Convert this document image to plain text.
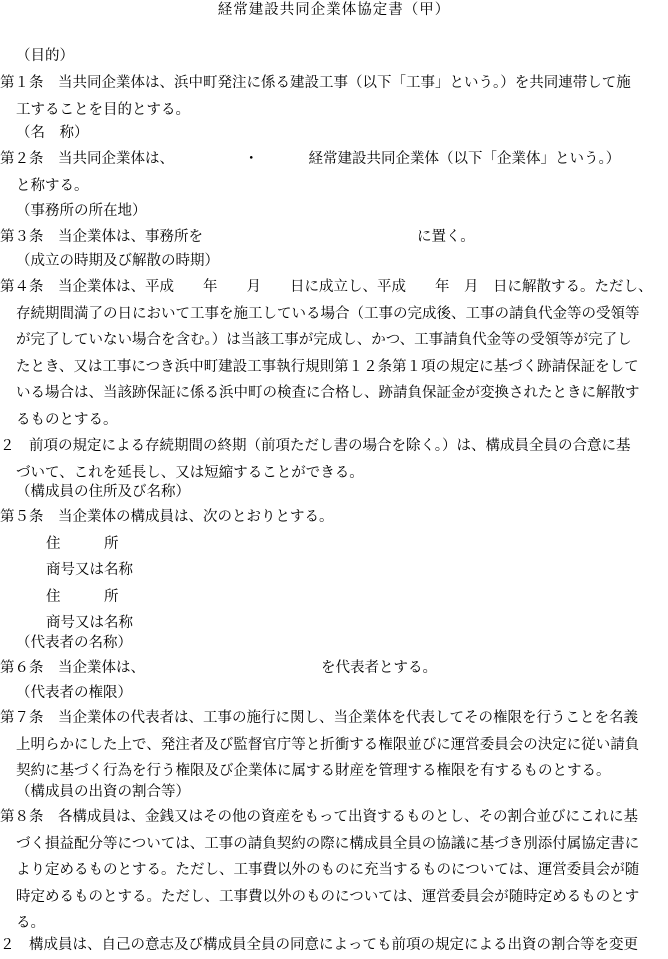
経常建設共同企業体協定書（甲）
（目的）
第１条　当共同企業体は、浜中町発注に係る建設工事（以下「工事」という。）を共同連帯して施
工することを目的とする。
（名　称）
第２条　当共同企業体は、	・	経常建設共同企業体（以下「企業体」という。）
と称する。
（事務所の所在地）
第３条　当企業体は、事務所を	に置く。
（成立の時期及び解散の時期）
第４条　当企業体は、平成　　年　　月　　日に成立し、平成　　年　月　日に解散する。ただし、
存続期間満了の日において工事を施工している場合（工事の完成後、工事の請負代金等の受領等
が完了していない場合を含む。）は当該工事が完成し、かつ、工事請負代金等の受領等が完了し
たとき、又は工事につき浜中町建設工事執行規則第１２条第１項の規定に基づく跡請保証をして
いる場合は、当該跡保証に係る浜中町の検査に合格し、跡請負保証金が変換されたときに解散す
るものとする。
２　前項の規定による存続期間の終期（前項ただし書の場合を除く。）は、構成員全員の合意に基
づいて、これを延長し、又は短縮することができる。
（構成員の住所及び名称）
第５条　当企業体の構成員は、次のとおりとする。
住　　　所
商号又は名称
住　　　所
商号又は名称
（代表者の名称）
第６条　当企業体は、	を代表者とする。
（代表者の権限）
第７条　当企業体の代表者は、工事の施行に関し、当企業体を代表してその権限を行うことを名義
上明らかにした上で、発注者及び監督官庁等と折衝する権限並びに運営委員会の決定に従い請負
契約に基づく行為を行う権限及び企業体に属する財産を管理する権限を有するものとする。
（構成員の出資の割合等）
第８条　各構成員は、金銭又はその他の資産をもって出資するものとし、その割合並びにこれに基
づく損益配分等については、工事の請負契約の際に構成員全員の協議に基づき別添付属協定書に
より定めるものとする。ただし、工事費以外のものに充当するものについては、運営委員会が随
時定めるものとする。ただし、工事費以外のものについては、運営委員会が随時定めるものとす
る。
２　構成員は、自己の意志及び構成員全員の同意によっても前項の規定による出資の割合等を変更
